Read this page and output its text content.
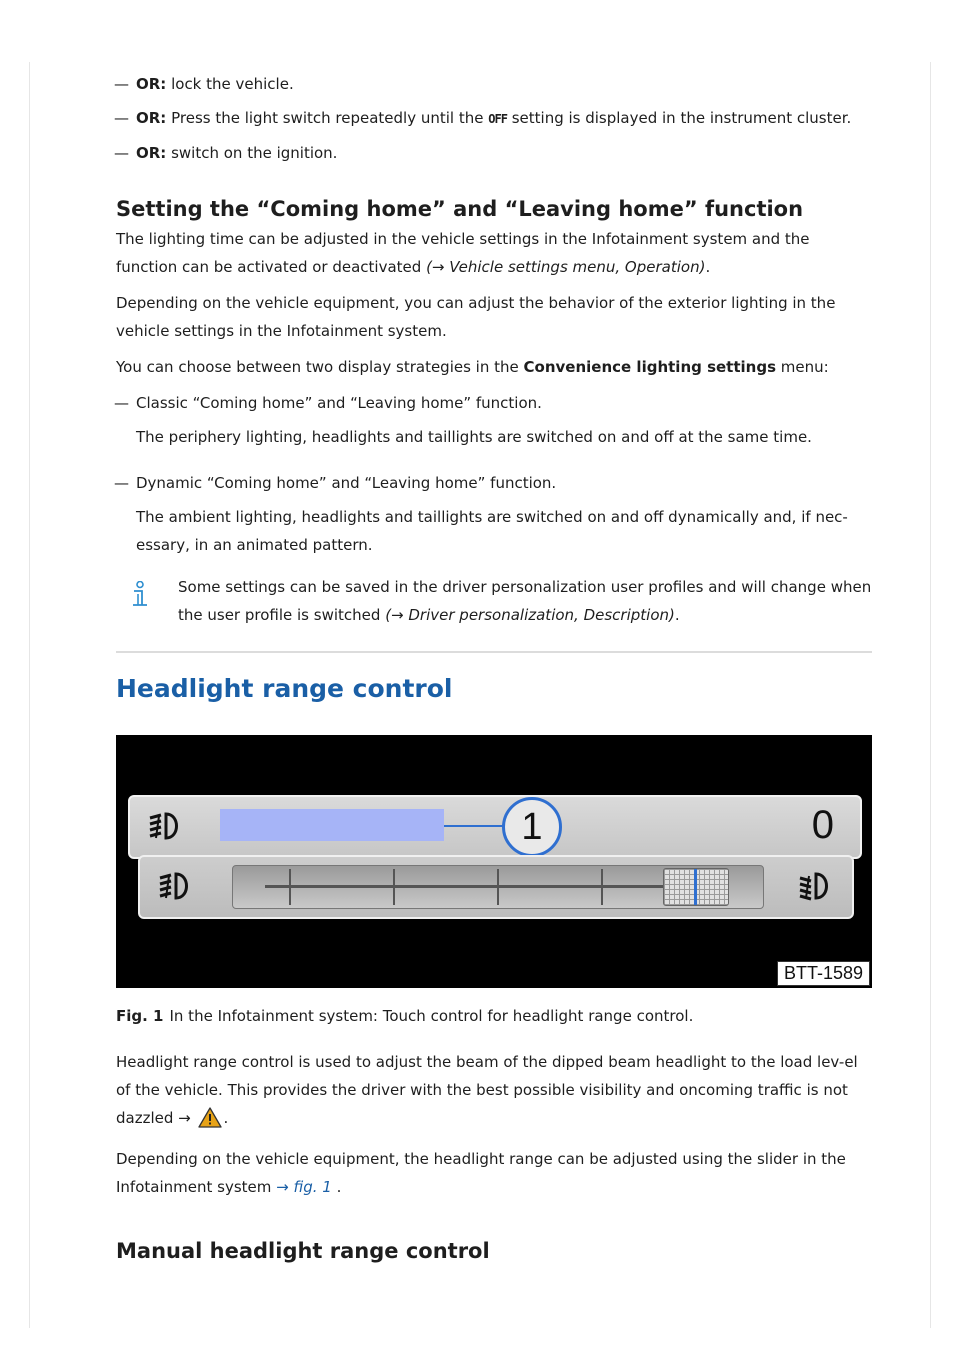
— OR: lock the vehicle.
— OR: Press the light switch repeatedly until the OFF setting is displayed in the instrument cluster.
— OR: switch on the ignition.
Setting the “Coming home” and “Leaving home” function

The lighting time can be adjusted in the vehicle settings in the Infotainment system and the function can be activated or deactivated (→ Vehicle settings menu, Operation).

Depending on the vehicle equipment, you can adjust the behavior of the exterior lighting in the vehicle settings in the Infotainment system.

You can choose between two display strategies in the Convenience lighting settings menu:

— Classic “Coming home” and “Leaving home” function.

The periphery lighting, headlights and taillights are switched on and off at the same time.

— Dynamic “Coming home” and “Leaving home” function.

The ambient lighting, headlights and taillights are switched on and off dynamically and, if nec-essary, in an animated pattern.

Some settings can be saved in the driver personalization user profiles and will change when the user profile is switched (→ Driver personalization, Description).

Headlight range control
1	0
BTT-1589

Fig. 1 In the Infotainment system: Touch control for headlight range control.

Headlight range control is used to adjust the beam of the dipped beam headlight to the load lev-el of the vehicle. This provides the driver with the best possible visibility and oncoming traffic is not dazzled → .

Depending on the vehicle equipment, the headlight range can be adjusted using the slider in the Infotainment system → fig. 1 .

Manual headlight range control
